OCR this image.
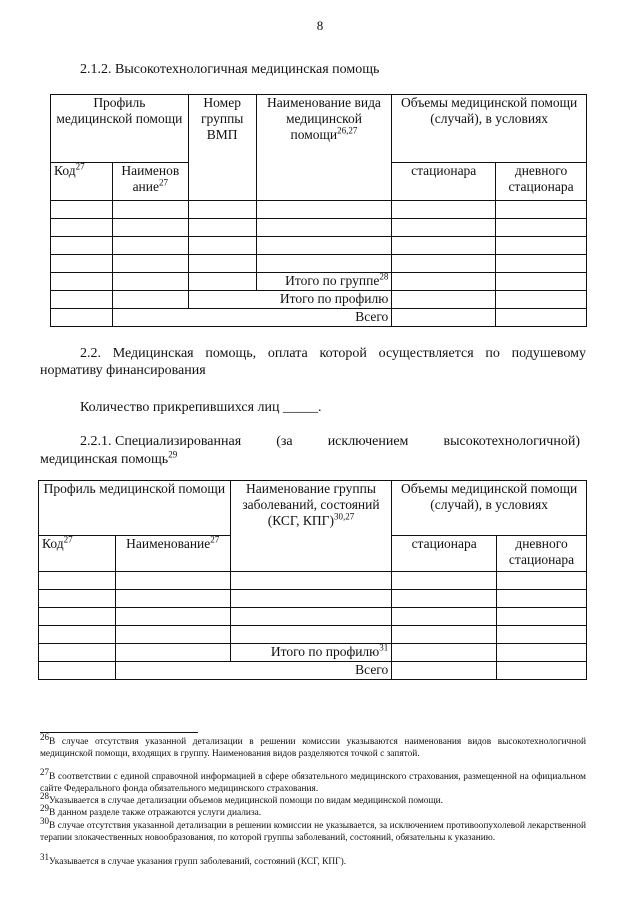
8
2.1.2. Высокотехнологичная медицинская помощь
Профиль медицинской помощи		Номер группы ВМП	Наименование вида медицинской помощи$^{26,27}$	Объемы медицинской помощи (случай), в условиях	
Код$^{27}$	Наименов ание$^{27}$			стационара	дневного стационара

			Итого по группе$^{28}$		
		Итого по профилю			
	Всего				
2.2. Медицинская помощь, оплата которой осуществляется по подушевому нормативу финансирования
Количество прикрепившихся лиц _____.
2.2.1. Специализированная	(за	исключением	высокотехнологичной)
медицинская помощь$^{29}$
Профиль медицинской помощи		Наименование группы заболеваний, состояний (КСГ, КПГ)$^{30,27}$	Объемы медицинской помощи (случай), в условиях	
Код$^{27}$	Наименование$^{27}$		стационара	дневного стационара

		Итого по профилю$^{31}$		
	Всего			
$^{26}$В случае отсутствия указанной детализации в решении комиссии указываются наименования видов высокотехнологичной медицинской помощи, входящих в группу. Наименования видов разделяются точкой с запятой.
$^{27}$В соответствии с единой справочной информацией в сфере обязательного медицинского страхования, размещенной на официальном сайте Федерального фонда обязательного медицинского страхования.
$^{28}$Указывается в случае детализации объемов медицинской помощи по видам медицинской помощи.
$^{29}$В данном разделе также отражаются услуги диализа.
$^{30}$В случае отсутствия указанной детализации в решении комиссии не указывается, за исключением противоопухолевой лекарственной терапии злокачественных новообразования, по которой группы заболеваний, состояний, обязательны к указанию.
$^{31}$Указывается в случае указания групп заболеваний, состояний (КСГ, КПГ).
